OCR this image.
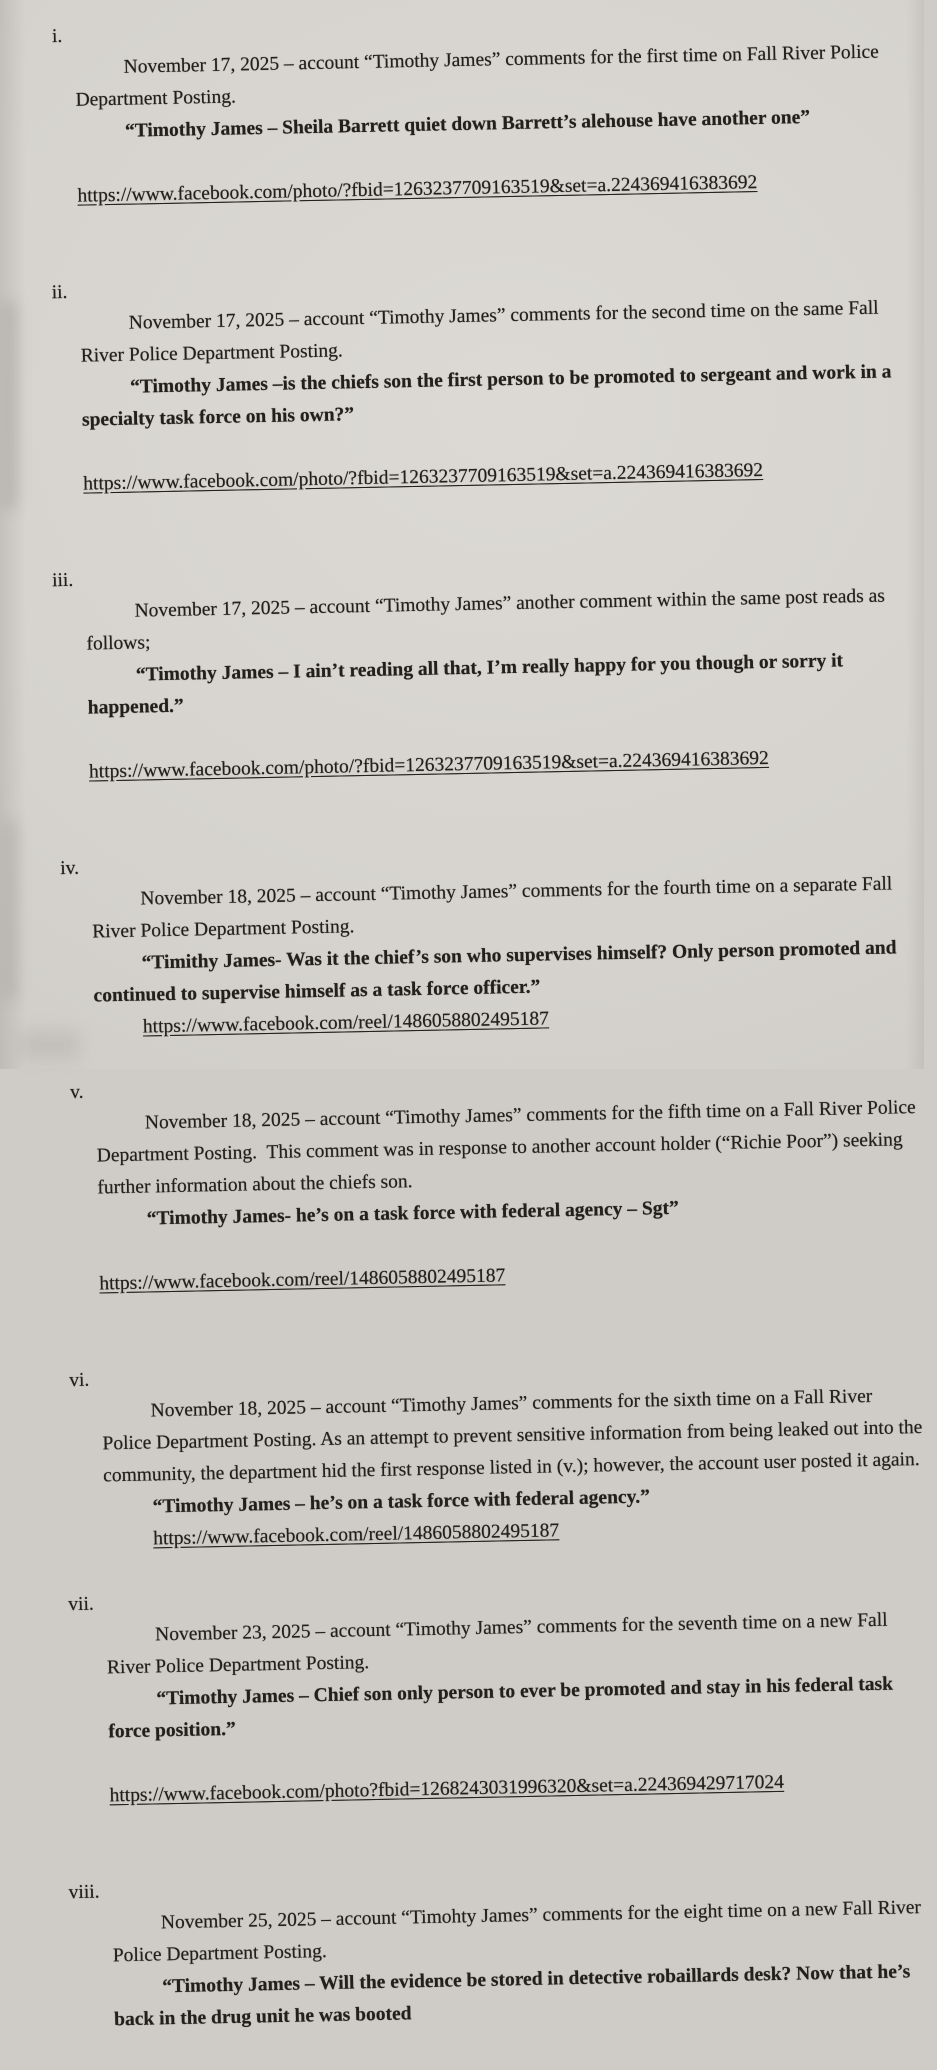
i.

November 17, 2025 – account “Timothy James” comments for the first time on Fall River Police Department Posting.
“Timothy James – Sheila Barrett quiet down Barrett’s alehouse have another one”

https://www.facebook.com/photo/?fbid=1263237709163519&set=a.224369416383692

ii.

November 17, 2025 – account “Timothy James” comments for the second time on the same Fall River Police Department Posting.
“Timothy James –is the chiefs son the first person to be promoted to sergeant and work in a specialty task force on his own?”

https://www.facebook.com/photo/?fbid=1263237709163519&set=a.224369416383692

iii.

November 17, 2025 – account “Timothy James” another comment within the same post reads as follows;
“Timothy James – I ain’t reading all that, I’m really happy for you though or sorry it happened.”

https://www.facebook.com/photo/?fbid=1263237709163519&set=a.224369416383692

iv.

November 18, 2025 – account “Timothy James” comments for the fourth time on a separate Fall River Police Department Posting.
“Timithy James- Was it the chief’s son who supervises himself? Only person promoted and continued to supervise himself as a task force officer.”
https://www.facebook.com/reel/1486058802495187

v.

November 18, 2025 – account “Timothy James” comments for the fifth time on a Fall River Police Department Posting.  This comment was in response to another account holder (“Richie Poor”) seeking further information about the chiefs son.
“Timothy James- he’s on a task force with federal agency – Sgt”

https://www.facebook.com/reel/1486058802495187

vi.

November 18, 2025 – account “Timothy James” comments for the sixth time on a Fall River Police Department Posting. As an attempt to prevent sensitive information from being leaked out into the community, the department hid the first response listed in (v.); however, the account user posted it again.
“Timothy James – he’s on a task force with federal agency.”
https://www.facebook.com/reel/1486058802495187

vii.

November 23, 2025 – account “Timothy James” comments for the seventh time on a new Fall River Police Department Posting.
“Timothy James – Chief son only person to ever be promoted and stay in his federal task force position.”

https://www.facebook.com/photo?fbid=1268243031996320&set=a.224369429717024

viii.

November 25, 2025 – account “Timohty James” comments for the eight time on a new Fall River Police Department Posting.
“Timothy James – Will the evidence be stored in detective robaillards desk? Now that he’s back in the drug unit he was booted
